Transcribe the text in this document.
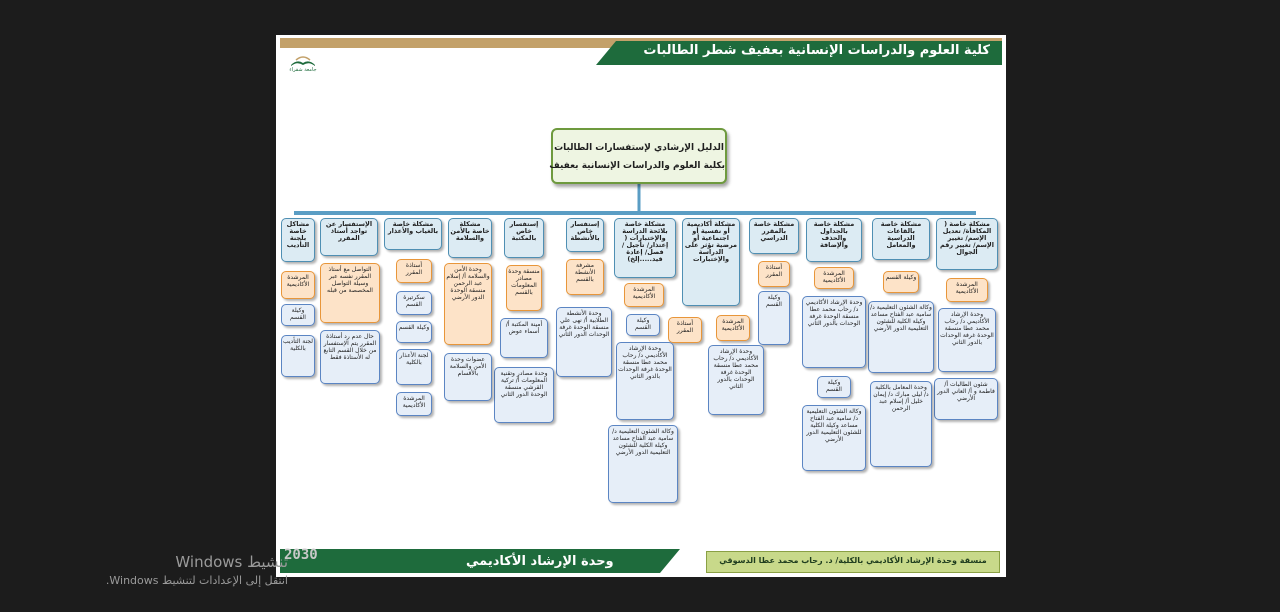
كلية العلوم والدراسات الإنسانية بعفيف شطر الطالبات
جامعة شقراء
الدليل الإرشادي لإستفسارات الطالبات
بكلية العلوم والدراسات الإنسانية بعفيف
مشكلة خاصة ( المكافأة/ تعديل الإسم/ تغيير الإسم/ تغيير رقم الجوال
المرشدة الأكاديمية
وحدة الإرشاد الأكاديمي د/ رحاب محمد عطا منسقة الوحدة غرفة الوحدات بالدور الثاني
شئون الطالبات أ/ فاطمة و أ/ العاني الدور الأرضي
مشكلة خاصة بالقاعات الدراسية والمعامل
وكيلة القسم
وكالة الشئون التعليمية د/ سامية عبد الفتاح مساعد وكيلة الكلية للشئون التعليمية الدور الأرضي
وحدة المعامل بالكلية د/ ليلى مبارك د/ إيمان خليل أ/ إسلام عبد الرحمن
مشكلة خاصة بالجداول والحذف والإضافة
المرشدة الأكاديمية
وحدة الإرشاد الأكاديمي د/ رحاب محمد عطا منسقة الوحدة غرفة الوحدات بالدور الثاني
وكيلة القسم
وكالة الشئون التعليمية د/ سامية عبد الفتاح مساعد وكيلة الكلية للشئون التعليمية الدور الأرضي
مشكلة خاصة بالمقرر الدراسي
أستاذة المقرر
وكيلة القسم
مشكلة أكاديمية أو نفسية أو اجتماعية أو مرضية تؤثر على الدراسة والإختبارات
المرشدة الأكاديمية
أستاذة المقرر
وحدة الإرشاد الأكاديمي د/ رحاب محمد عطا منسقة الوحدة غرفة الوحدات بالدور الثاني
مشكلة خاصة بلائحة الدراسة والإختبارات ( إعتذار/ تأجيل / فصل/ إعادة قيد.....إلخ)
المرشدة الأكاديمية
وكيلة القسم
وحدة الإرشاد الأكاديمي د/ رحاب محمد عطا منسقة الوحدة غرفة الوحدات بالدور الثاني
وكالة الشئون التعليمية د/ سامية عبد الفتاح مساعد وكيلة الكلية للشئون التعليمية الدور الأرضي
إستفسار خاص بالأنشطة
مشرفة الأنشطة بالقسم
وحدة الأنشطة الطلابية أ/ نهى علي منسقة الوحدة غرفة الوحدات الدور الثاني
إستفسار خاص بالمكتبة
منسقة وحدة مصادر المعلومات بالقسم
أمينة المكتبة أ/ أسماء عوض
وحدة مصادر وتقنية المعلومات أ/ تركية القرشي منسقة الوحدة الدور الثاني
مشكلة خاصة بالأمن والسلامة
وحدة الأمن والسلامة أ/ إسلام عبد الرحمن منسقة الوحدة الدور الأرضي
عضوات وحدة الأمن والسلامة بالأقسام
مشكلة خاصة بالغياب والأعذار
أستاذة المقرر
سكرتيرة القسم
وكيلة القسم
لجنة الأعذار بالكلية
المرشدة الأكاديمية
الإستفسار عن تواجد أستاذ المقرر
التواصل مع أستاذ المقرر نفسه عبر وسيلة التواصل المخصصة من قبله
حال عدم رد أستاذة المقرر يتم الإستفسار من خلال القسم التابع له الأستاذة فقط
مشاكل خاصة بلجنة التأديب
المرشدة الأكاديمية
وكيلة القسم
لجنة التأديب بالكلية
وحدة الإرشاد الأكاديمي
2030	منسقة وحدة الإرشاد الأكاديمي بالكلية/ د. رحاب محمد عطا الدسوقي
تنشيط Windows
انتقل إلى الإعدادات لتنشيط Windows.
